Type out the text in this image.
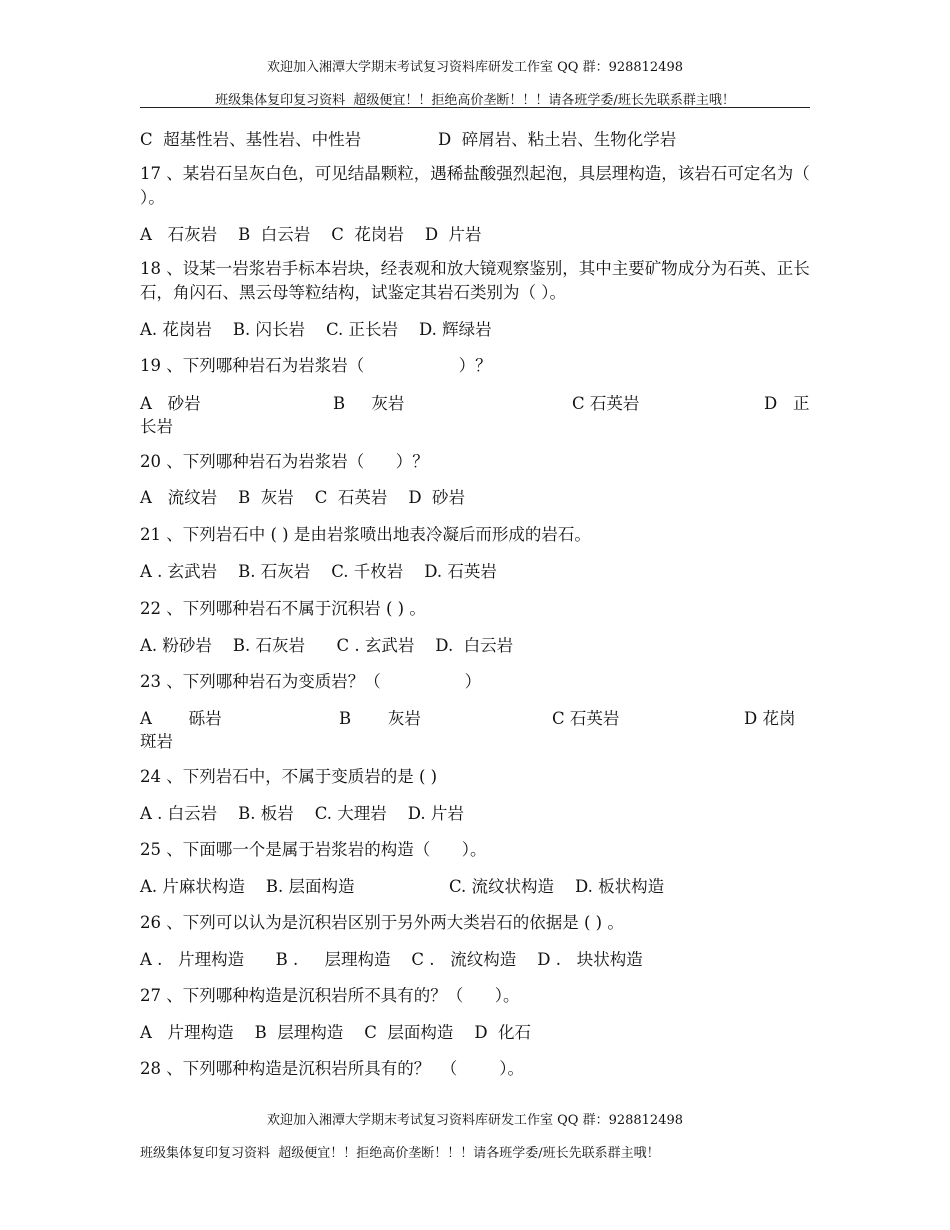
欢迎加入湘潭大学期末考试复习资料库研发工作室 QQ 群：928812498
班级集体复印复习资料  超级便宜！！拒绝高价垄断！！！请各班学委/班长先联系群主哦！
C  超基性岩、基性岩、中性岩	D  碎屑岩、粘土岩、生物化学岩
17 、某岩石呈灰白色，可见结晶颗粒，遇稀盐酸强烈起泡，具层理构造，该岩石可定名为（ ）。
A   石灰岩    B  白云岩    C  花岗岩    D  片岩
18 、设某一岩浆岩手标本岩块，经表观和放大镜观察鉴别，其中主要矿物成分为石英、正长石，角闪石、黑云母等粒结构，试鉴定其岩石类别为（ ）。
A. 花岗岩    B. 闪长岩    C. 正长岩    D. 辉绿岩
19 、下列哪种岩石为岩浆岩（                  ）？
A   砂岩	B     灰岩	C 石英岩	D   正
长岩
20 、下列哪种岩石为岩浆岩（      ）？
A   流纹岩    B  灰岩    C  石英岩    D  砂岩
21 、下列岩石中 ( ) 是由岩浆喷出地表冷凝后而形成的岩石。
A . 玄武岩    B. 石灰岩    C. 千枚岩    D. 石英岩
22 、下列哪种岩石不属于沉积岩 ( ) 。
A. 粉砂岩    B. 石灰岩      C . 玄武岩    D.  白云岩
23 、下列哪种岩石为变质岩？（                ）
A       砾岩	B       灰岩	C 石英岩	D 花岗
斑岩
24 、下列岩石中，不属于变质岩的是 ( )
A . 白云岩    B. 板岩    C. 大理岩    D. 片岩
25 、下面哪一个是属于岩浆岩的构造（      ）。
A. 片麻状构造    B. 层面构造	C. 流纹状构造    D. 板状构造
26 、下列可以认为是沉积岩区别于另外两大类岩石的依据是 ( ) 。
A .   片理构造      B .     层理构造    C .   流纹构造    D .   块状构造
27 、下列哪种构造是沉积岩所不具有的？（      ）。
A   片理构造    B  层理构造    C  层面构造    D  化石
28 、下列哪种构造是沉积岩所具有的？  （        ）。
欢迎加入湘潭大学期末考试复习资料库研发工作室 QQ 群：928812498
班级集体复印复习资料  超级便宜！！拒绝高价垄断！！！请各班学委/班长先联系群主哦！
